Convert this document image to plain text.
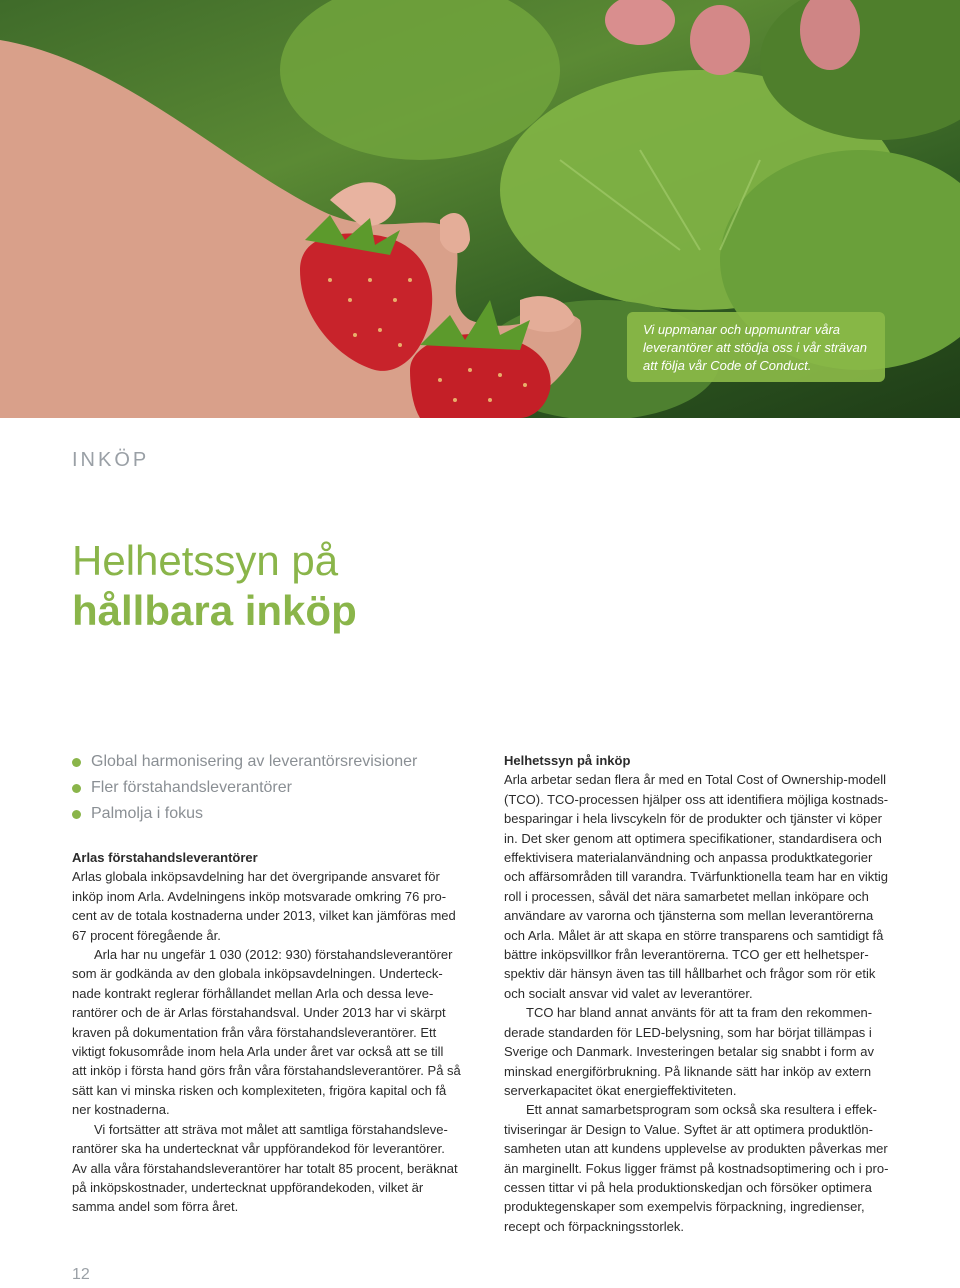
Vi uppmanar och uppmuntrar våra
leverantörer att stödja oss i vår strävan
att följa vår Code of Conduct.
INKÖP
Helhetssyn på
hållbara inköp
Global harmonisering av leverantörsrevisioner
Fler förstahandsleverantörer
Palmolja i fokus
Arlas förstahandsleverantörer

Arlas globala inköpsavdelning har det övergripande ansvaret för
inköp inom Arla. Avdelningens inköp motsvarade omkring 76 pro-
cent av de totala kostnaderna under 2013, vilket kan jämföras med
67 procent föregående år.

Arla har nu ungefär 1 030 (2012: 930) förstahandsleverantörer
som är godkända av den globala inköpsavdelningen. Underteck-
nade kontrakt reglerar förhållandet mellan Arla och dessa leve-
rantörer och de är Arlas förstahandsval. Under 2013 har vi skärpt
kraven på dokumentation från våra förstahandsleverantörer. Ett
viktigt fokusområde inom hela Arla under året var också att se till
att inköp i första hand görs från våra förstahandsleverantörer. På så
sätt kan vi minska risken och komplexiteten, frigöra kapital och få
ner kostnaderna.

Vi fortsätter att sträva mot målet att samtliga förstahandsleve-
rantörer ska ha undertecknat vår uppförandekod för leverantörer.
Av alla våra förstahandsleverantörer har totalt 85 procent, beräknat
på inköpskostnader, undertecknat uppförandekoden, vilket är
samma andel som förra året.

Helhetssyn på inköp

Arla arbetar sedan flera år med en Total Cost of Ownership-modell
(TCO). TCO-processen hjälper oss att identifiera möjliga kostnads-
besparingar i hela livscykeln för de produkter och tjänster vi köper
in. Det sker genom att optimera specifikationer, standardisera och
effektivisera materialanvändning och anpassa produktkategorier
och affärsområden till varandra. Tvärfunktionella team har en viktig
roll i processen, såväl det nära samarbetet mellan inköpare och
användare av varorna och tjänsterna som mellan leverantörerna
och Arla. Målet är att skapa en större transparens och samtidigt få
bättre inköpsvillkor från leverantörerna. TCO ger ett helhetsper-
spektiv där hänsyn även tas till hållbarhet och frågor som rör etik
och socialt ansvar vid valet av leverantörer.

TCO har bland annat använts för att ta fram den rekommen-
derade standarden för LED-belysning, som har börjat tillämpas i
Sverige och Danmark. Investeringen betalar sig snabbt i form av
minskad energiförbrukning. På liknande sätt har inköp av extern
serverkapacitet ökat energieffektiviteten.

Ett annat samarbetsprogram som också ska resultera i effek-
tiviseringar är Design to Value. Syftet är att optimera produktlön-
samheten utan att kundens upplevelse av produkten påverkas mer
än marginellt. Fokus ligger främst på kostnadsoptimering och i pro-
cessen tittar vi på hela produktionskedjan och försöker optimera
produktegenskaper som exempelvis förpackning, ingredienser,
recept och förpackningsstorlek.

12
